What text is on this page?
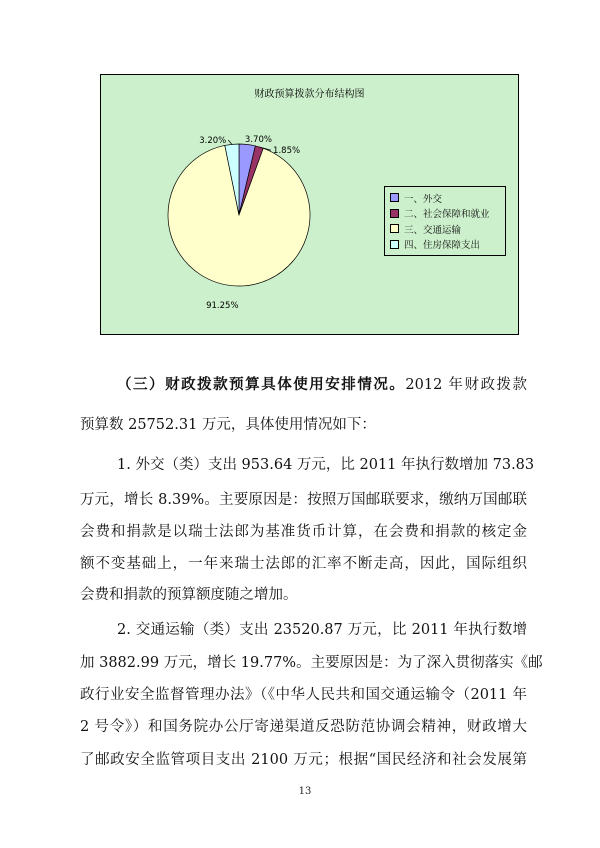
财政预算拨款分布结构图
3.70%
1.85%
91.25%
3.20%
一、外交
二、社会保障和就业
三、交通运输
四、住房保障支出
（三）财政拨款预算具体使用安排情况。2012 年财政拨款
预算数 25752.31 万元，具体使用情况如下：
1. 外交（类）支出 953.64 万元，比 2011 年执行数增加 73.83
万元，增长 8.39%。主要原因是：按照万国邮联要求，缴纳万国邮联
会费和捐款是以瑞士法郎为基准货币计算，在会费和捐款的核定金
额不变基础上，一年来瑞士法郎的汇率不断走高，因此，国际组织
会费和捐款的预算额度随之增加。
2. 交通运输（类）支出 23520.87 万元，比 2011 年执行数增
加 3882.99 万元，增长 19.77%。主要原因是：为了深入贯彻落实《邮
政行业安全监督管理办法》（《中华人民共和国交通运输令（2011 年
2 号令》）和国务院办公厅寄递渠道反恐防范协调会精神，财政增大
了邮政安全监管项目支出 2100 万元；根据“国民经济和社会发展第
13
